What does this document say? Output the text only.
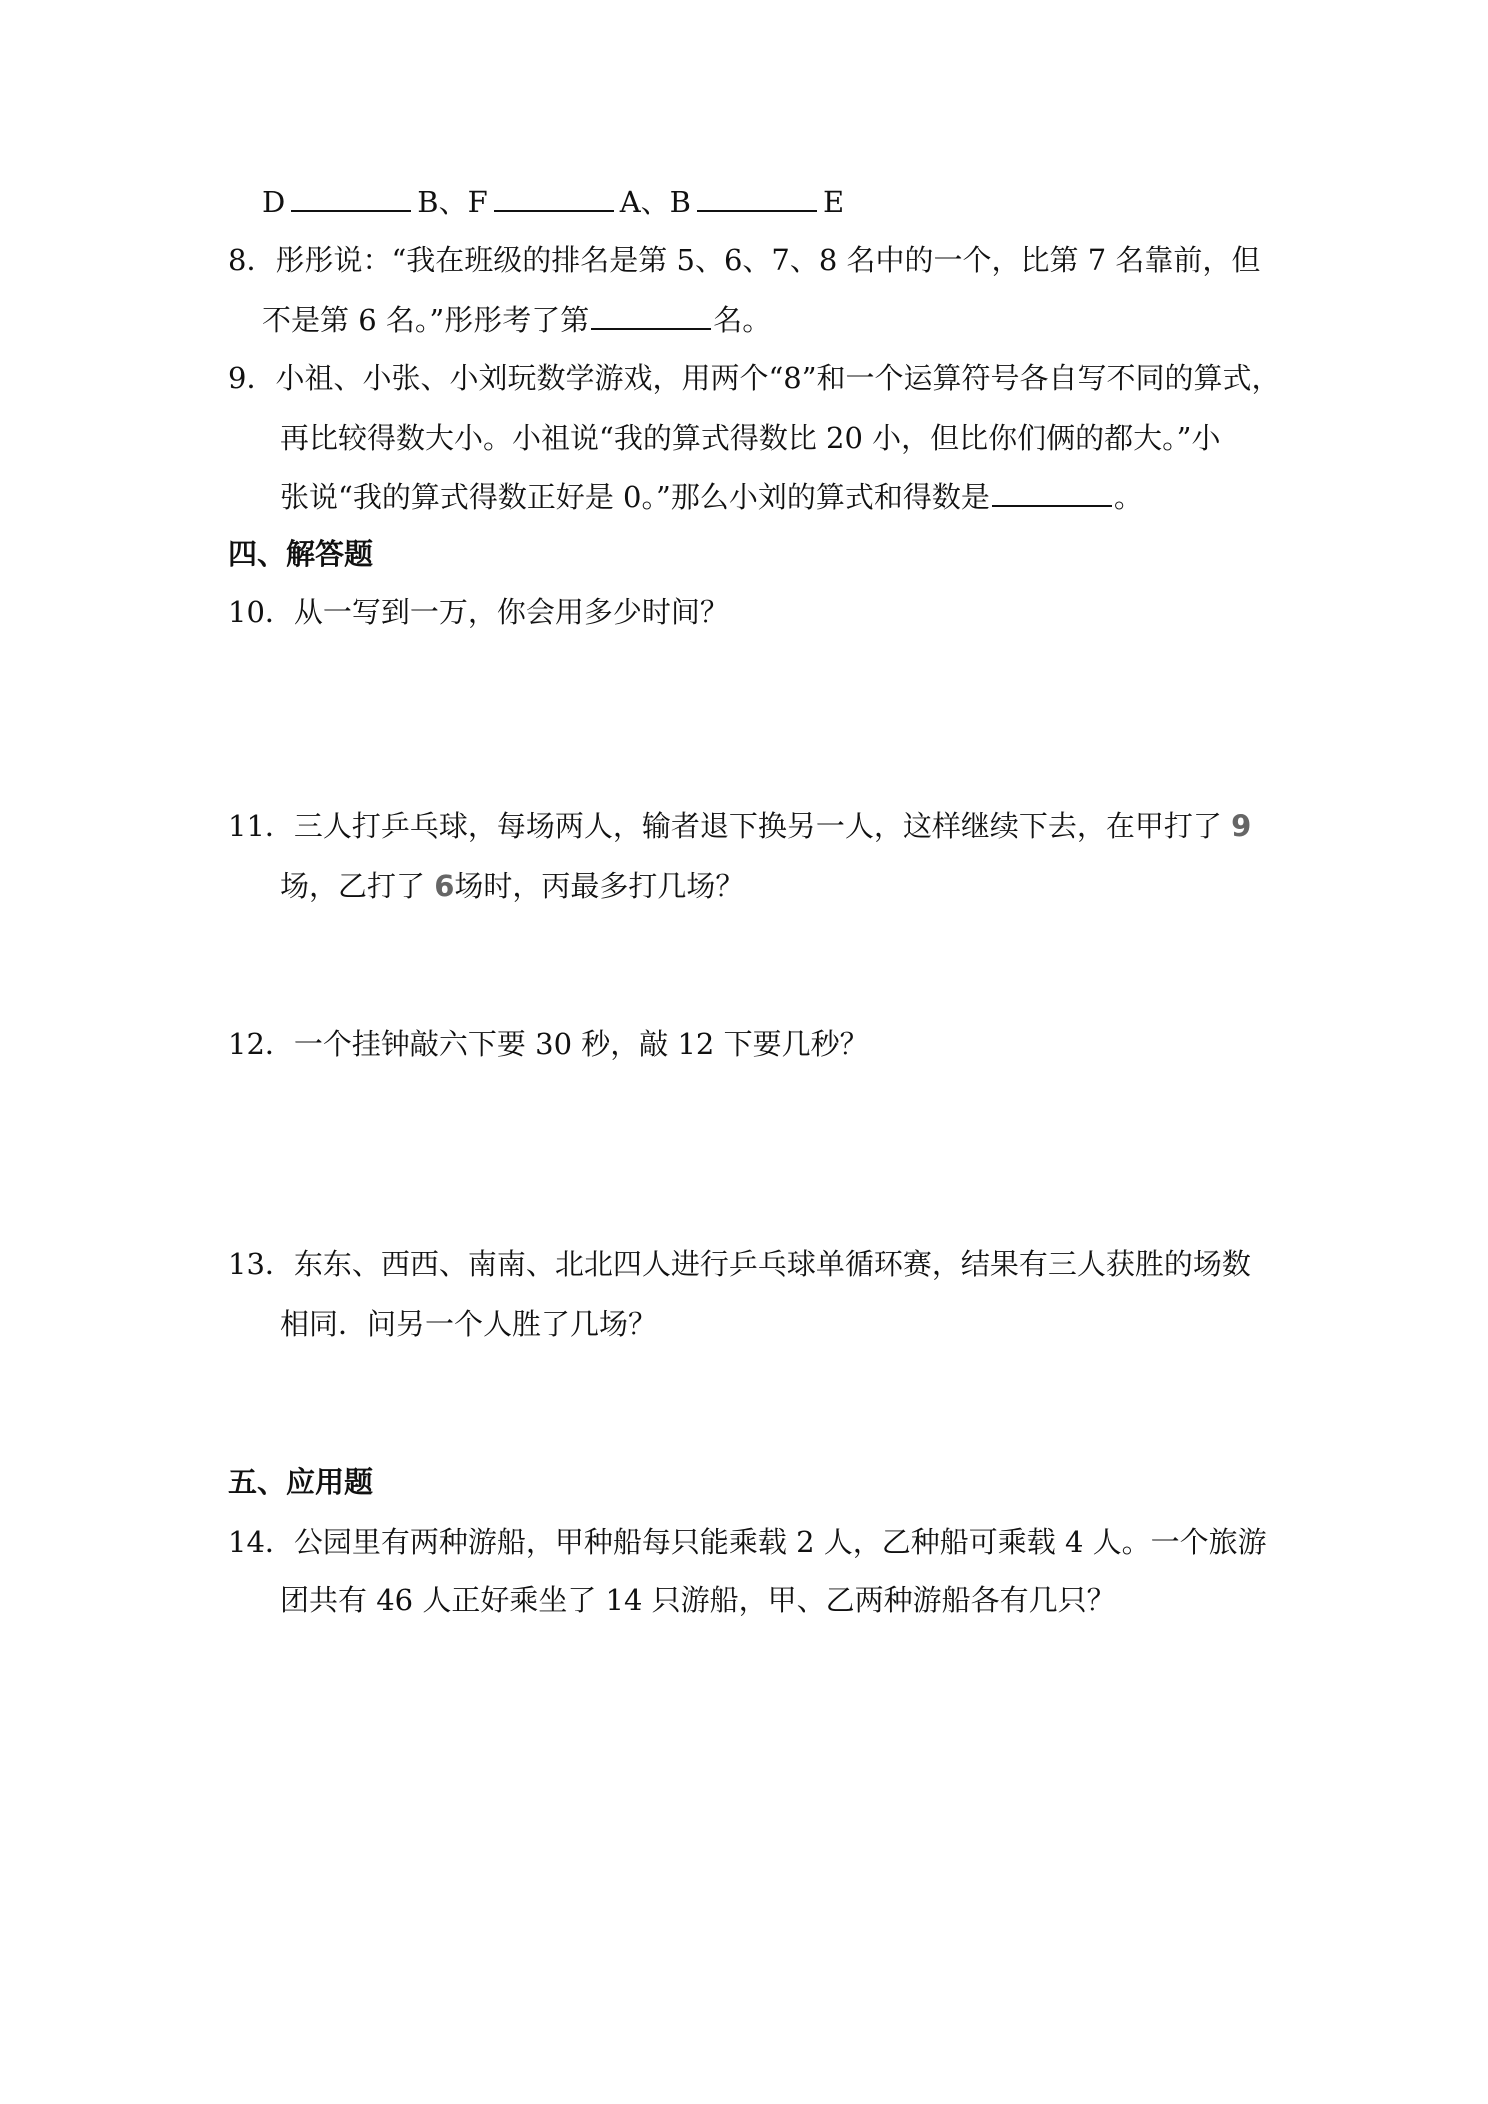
D	B、F	A、B	E
8．彤彤说：“我在班级的排名是第 5、6、7、8 名中的一个，比第 7 名靠前，但
不是第 6 名。”彤彤考了第	名。
9．小祖、小张、小刘玩数学游戏，用两个“8”和一个运算符号各自写不同的算式，
再比较得数大小。小祖说“我的算式得数比 20 小，但比你们俩的都大。”小
张说“我的算式得数正好是 0。”那么小刘的算式和得数是	。
四、解答题
10．从一写到一万，你会用多少时间？
11．三人打乒乓球，每场两人，输者退下换另一人，这样继续下去，在甲打了 9
场，乙打了 6场时，丙最多打几场？
12．一个挂钟敲六下要 30 秒，敲 12 下要几秒？
13．东东、西西、南南、北北四人进行乒乓球单循环赛，结果有三人获胜的场数
相同．问另一个人胜了几场？
五、应用题
14．公园里有两种游船，甲种船每只能乘载 2 人，乙种船可乘载 4 人。一个旅游
团共有 46 人正好乘坐了 14 只游船，甲、乙两种游船各有几只？
